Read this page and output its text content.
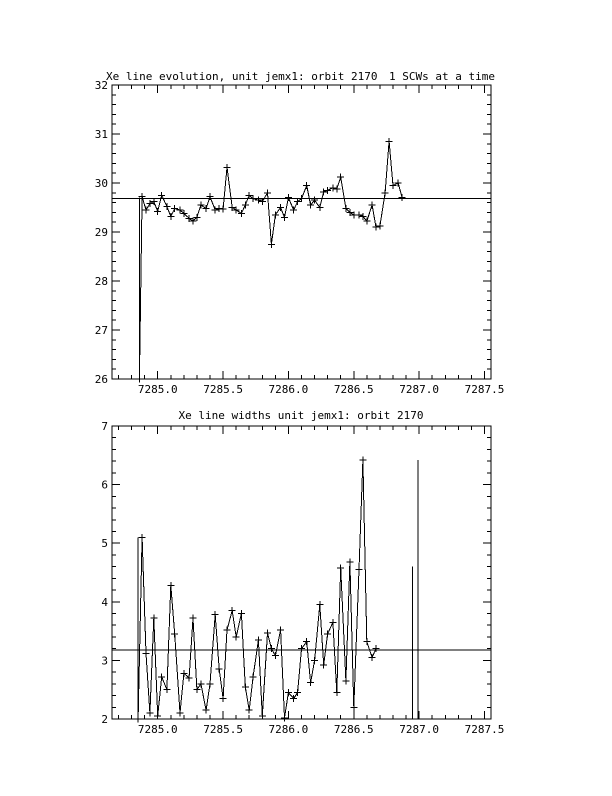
Xe line evolution, unit jemx1: orbit 2170 1 SCWs at a time
7285.0 7285.5 7286.0 7286.5 7287.0 7287.5
26
27
28
29
30
31
32
Xe line widths unit jemx1: orbit 2170
7285.0 7285.5 7286.0 7286.5 7287.0 7287.5
2
3
4
5
6
7
